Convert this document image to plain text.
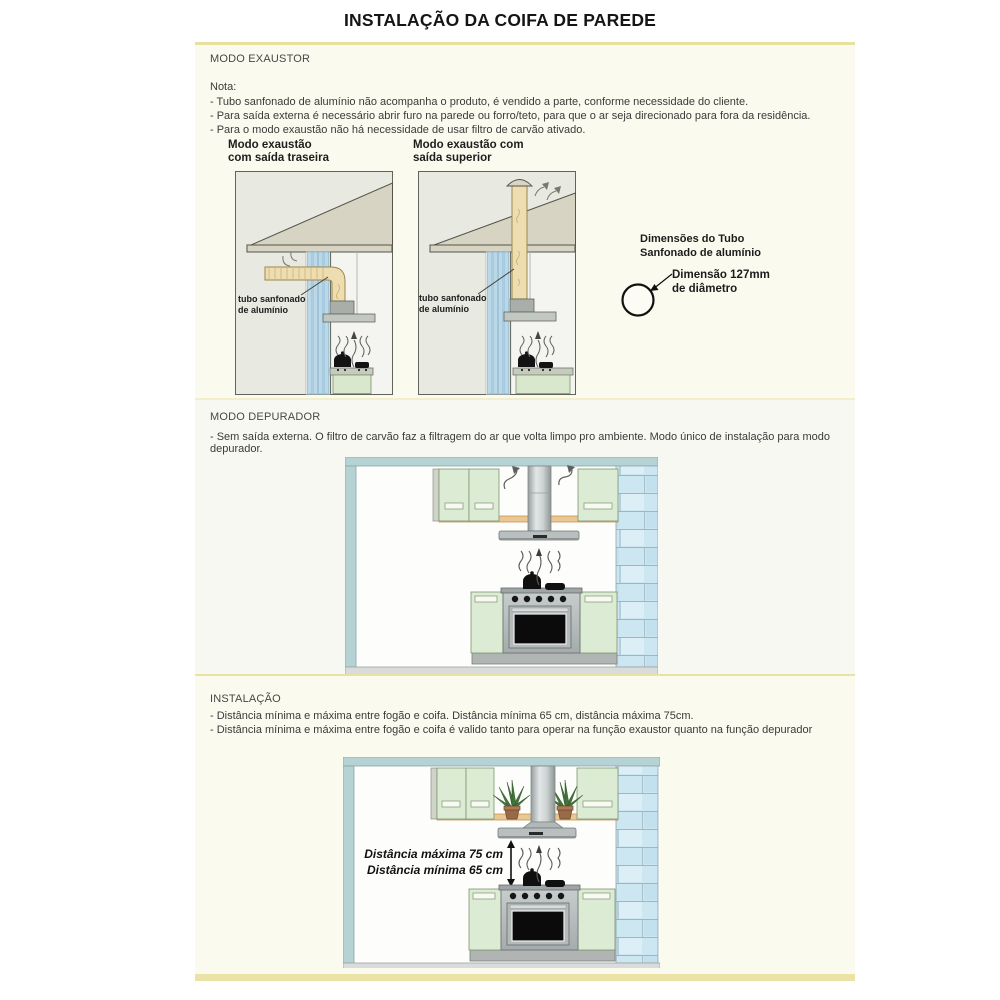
INSTALAÇÃO DA COIFA DE PAREDE
MODO EXAUSTOR
Nota:

- Tubo sanfonado de alumínio não acompanha o produto, é vendido a parte, conforme necessidade do cliente.

- Para saída externa é necessário abrir furo na parede ou forro/teto, para que o ar seja direcionado para fora da residência.

- Para o modo exaustão não há necessidade de usar filtro de carvão ativado.

Modo exaustão
com saída traseira
Modo exaustão com
saída superior
tubo sanfonado
de alumínio
tubo sanfonado
de alumínio
Dimensões do Tubo
Sanfonado de alumínio
Dimensão 127mm
de diâmetro
MODO DEPURADOR
- Sem saída externa. O filtro de carvão faz a filtragem do ar que volta limpo pro ambiente. Modo único de instalação para modo depurador.
INSTALAÇÃO

- Distância mínima e máxima entre fogão e coifa. Distância mínima 65 cm, distância máxima 75cm.

- Distância mínima e máxima entre fogão e coifa é valido tanto para operar na função exaustor quanto na função depurador

Distância máxima 75 cm
Distância mínima 65 cm
